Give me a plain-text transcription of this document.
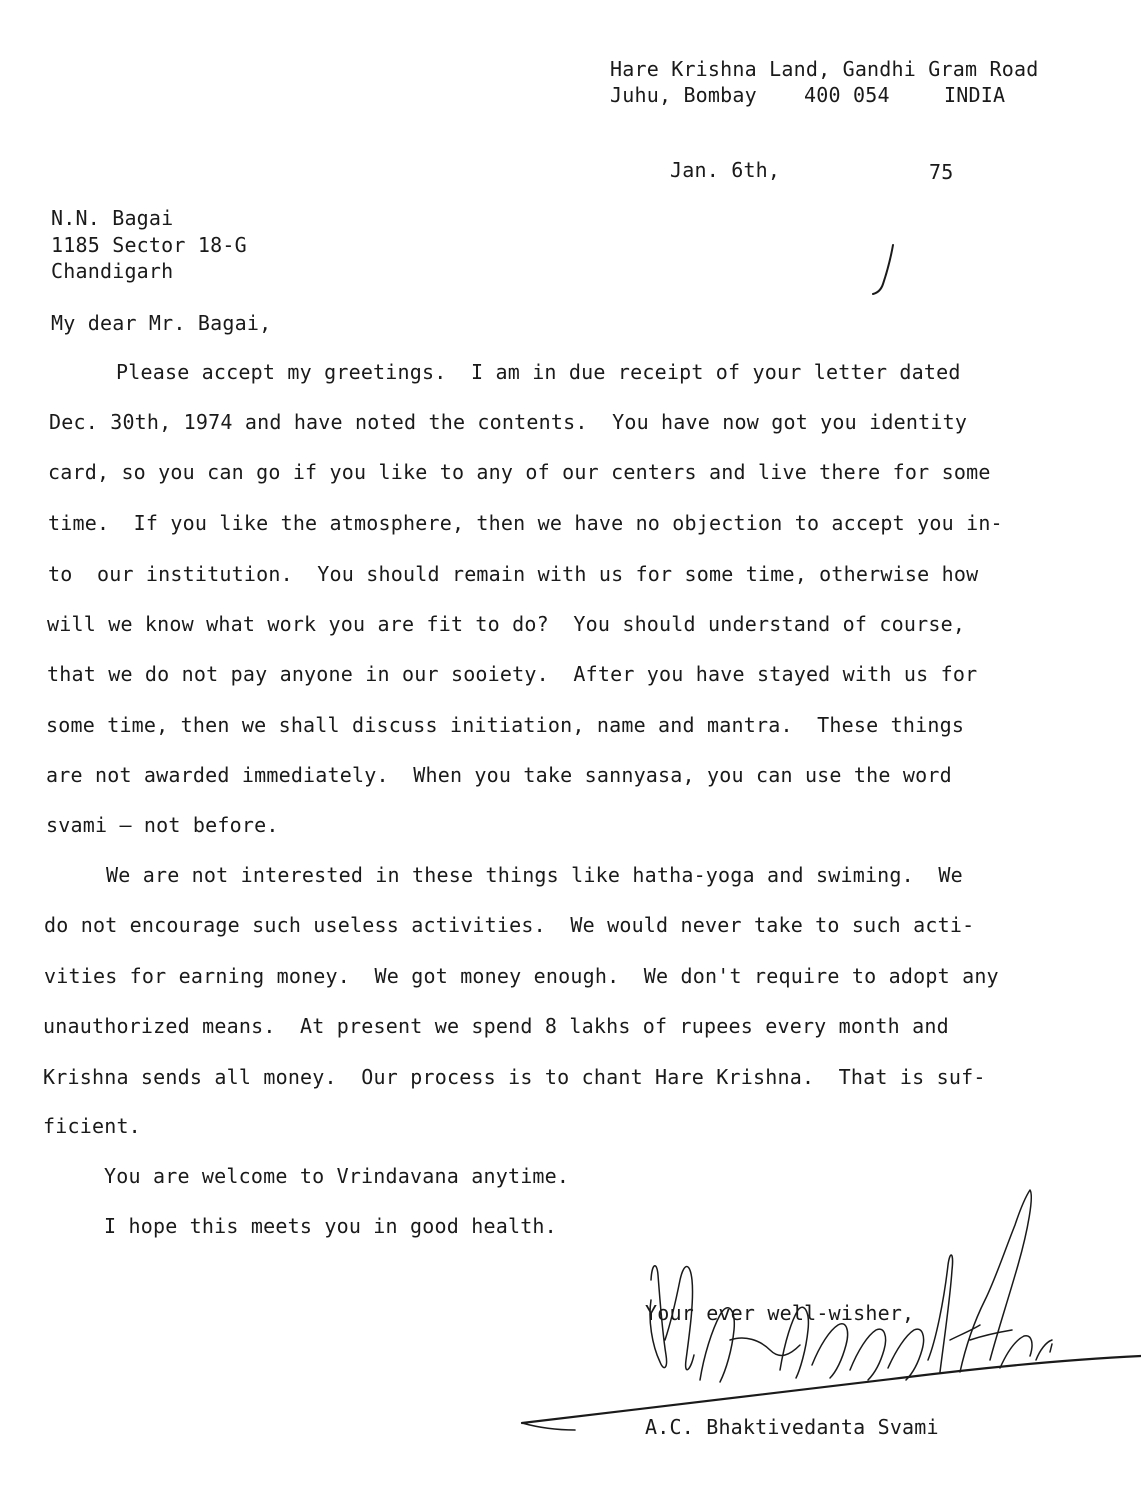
Hare Krishna Land, Gandhi Gram Road
Juhu, Bombay 400 054	INDIA
Jan. 6th,	75
N.N. Bagai
1185 Sector 18-G
Chandigarh
My dear Mr. Bagai,
Please accept my greetings.  I am in due receipt of your letter dated
Dec. 30th, 1974 and have noted the contents.  You have now got you identity
card, so you can go if you like to any of our centers and live there for some
time.  If you like the atmosphere, then we have no objection to accept you in-
to  our institution.  You should remain with us for some time, otherwise how
will we know what work you are fit to do?  You should understand of course,
that we do not pay anyone in our sooiety.  After you have stayed with us for
some time, then we shall discuss initiation, name and mantra.  These things
are not awarded immediately.  When you take sannyasa, you can use the word
svami — not before.
We are not interested in these things like hatha-yoga and swiming.  We
do not encourage such useless activities.  We would never take to such acti-
vities for earning money.  We got money enough.  We don't require to adopt any
unauthorized means.  At present we spend 8 lakhs of rupees every month and
Krishna sends all money.  Our process is to chant Hare Krishna.  That is suf-
ficient.
You are welcome to Vrindavana anytime.
I hope this meets you in good health.
Your ever well-wisher,
A.C. Bhaktivedanta Svami
